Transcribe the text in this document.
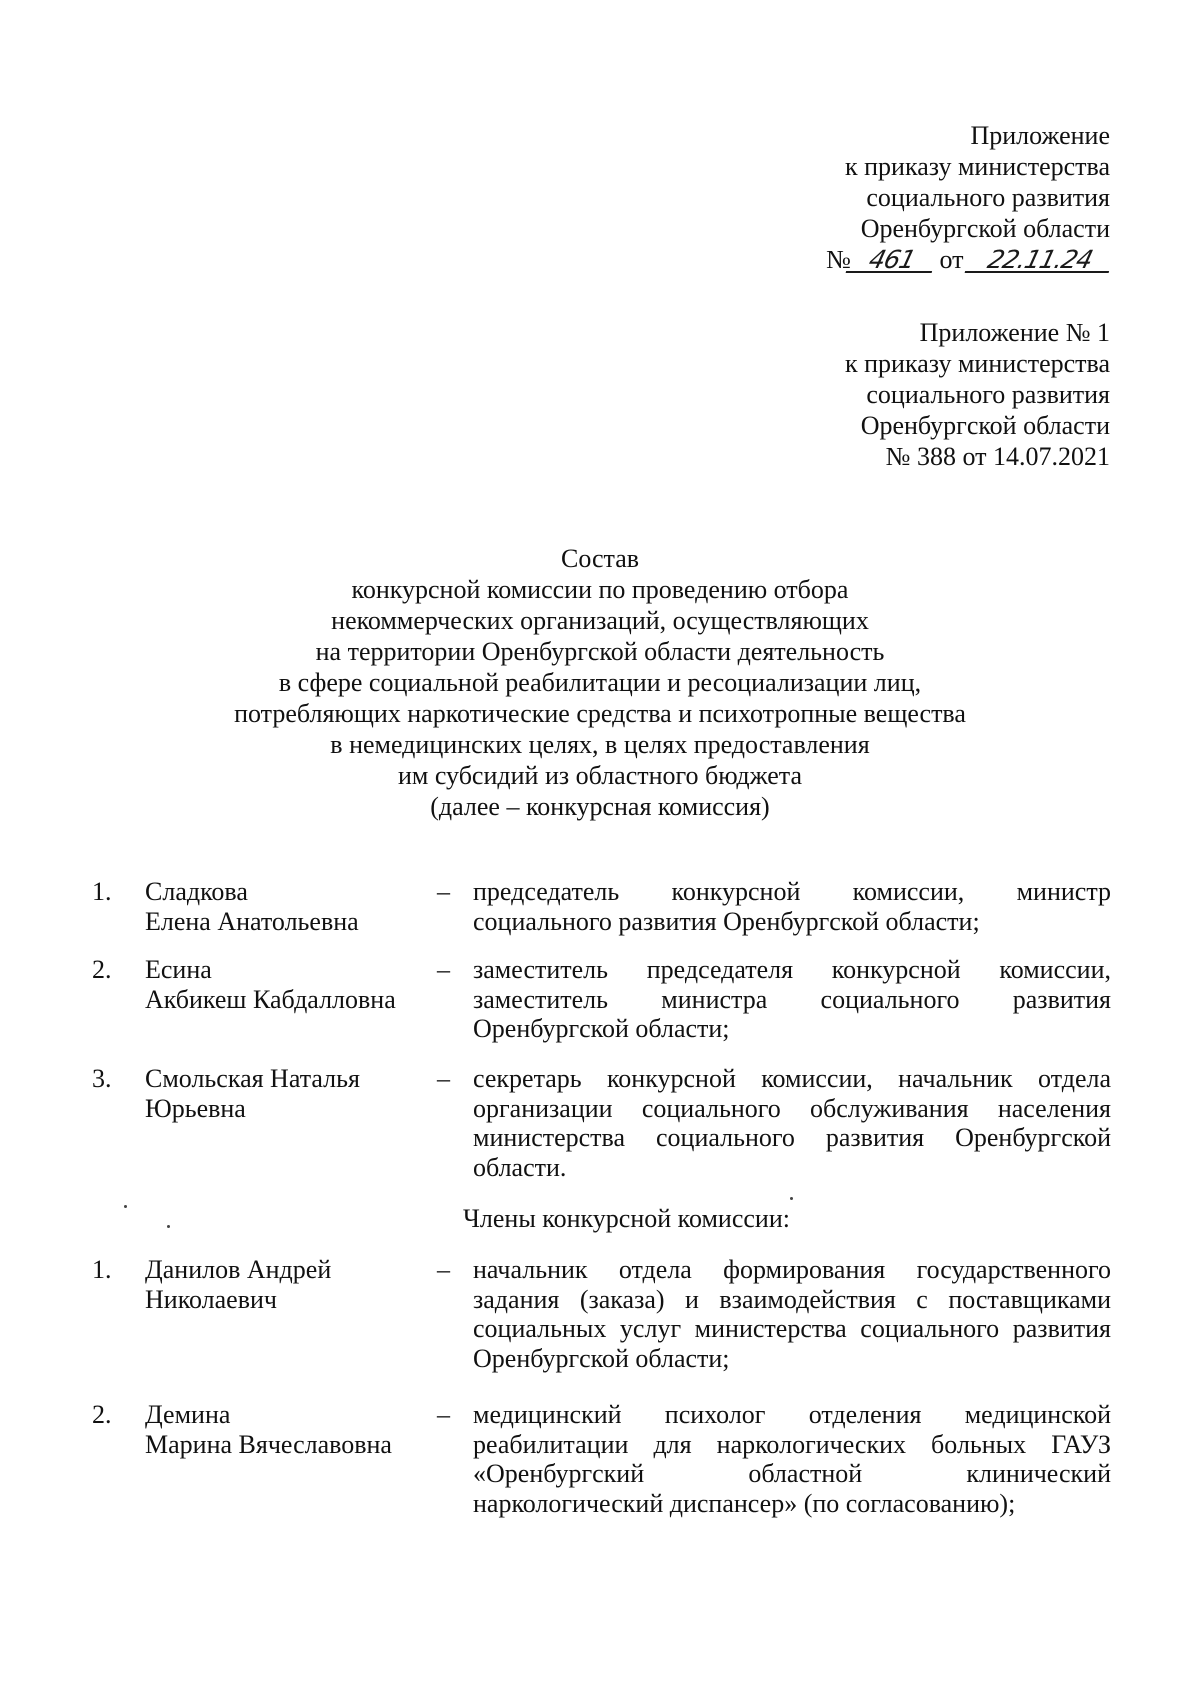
Приложение
к приказу министерства
социального развития
Оренбургской области
№ 461 от 22.11.24
Приложение № 1
к приказу министерства
социального развития
Оренбургской области
№ 388 от 14.07.2021
Состав
конкурсной комиссии по проведению отбора
некоммерческих организаций, осуществляющих
на территории Оренбургской области деятельность
в сфере социальной реабилитации и ресоциализации лиц,
потребляющих наркотические средства и психотропные вещества
в немедицинских целях, в целях предоставления
им субсидий из областного бюджета
(далее – конкурсная комиссия)
1. Сладкова
Елена Анатольевна
– председатель конкурсной комиссии, министр социального развития Оренбургской области;
2. Есина
Акбикеш Кабдалловна
– заместитель председателя конкурсной комиссии, заместитель министра социального развития Оренбургской области;
3. Смольская Наталья
Юрьевна
– секретарь конкурсной комиссии, начальник отдела организации социального обслуживания населения министерства социального развития Оренбургской области.
Члены конкурсной комиссии:
1. Данилов Андрей
Николаевич
– начальник отдела формирования государственного задания (заказа) и взаимодействия с поставщиками социальных услуг министерства социального развития Оренбургской области;
2. Демина
Марина Вячеславовна
– медицинский психолог отделения медицинской реабилитации для наркологических больных ГАУЗ «Оренбургский областной клинический наркологический диспансер» (по согласованию);
